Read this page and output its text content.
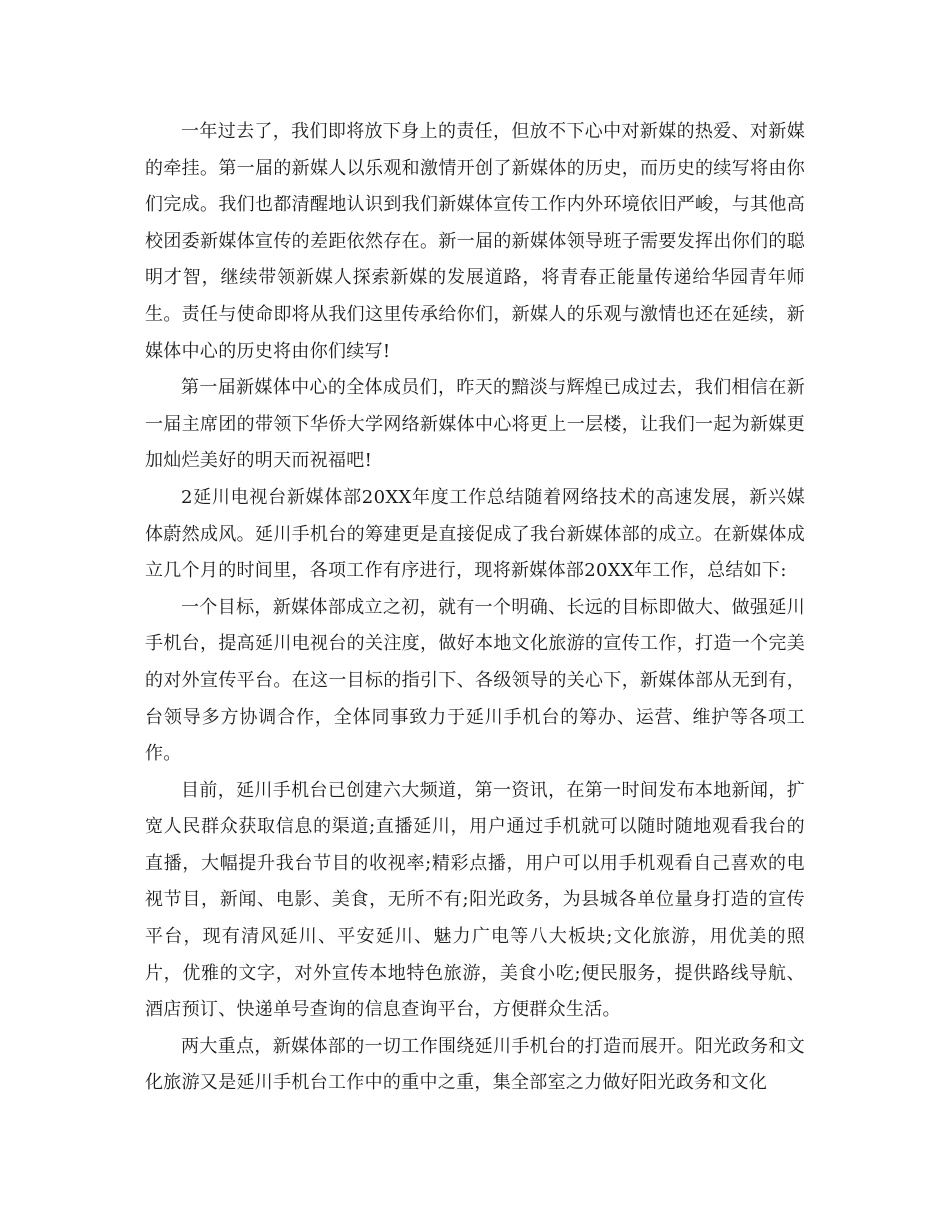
一年过去了，我们即将放下身上的责任，但放不下心中对新媒的热爱、对新媒的牵挂。第一届的新媒人以乐观和激情开创了新媒体的历史，而历史的续写将由你们完成。我们也都清醒地认识到我们新媒体宣传工作内外环境依旧严峻，与其他高校团委新媒体宣传的差距依然存在。新一届的新媒体领导班子需要发挥出你们的聪明才智，继续带领新媒人探索新媒的发展道路，将青春正能量传递给华园青年师生。责任与使命即将从我们这里传承给你们，新媒人的乐观与激情也还在延续，新媒体中心的历史将由你们续写!

第一届新媒体中心的全体成员们，昨天的黯淡与辉煌已成过去，我们相信在新一届主席团的带领下华侨大学网络新媒体中心将更上一层楼，让我们一起为新媒更加灿烂美好的明天而祝福吧!

2延川电视台新媒体部20XX年度工作总结随着网络技术的高速发展，新兴媒体蔚然成风。延川手机台的筹建更是直接促成了我台新媒体部的成立。在新媒体成立几个月的时间里，各项工作有序进行，现将新媒体部20XX年工作，总结如下:

一个目标，新媒体部成立之初，就有一个明确、长远的目标即做大、做强延川手机台，提高延川电视台的关注度，做好本地文化旅游的宣传工作，打造一个完美的对外宣传平台。在这一目标的指引下、各级领导的关心下，新媒体部从无到有，台领导多方协调合作，全体同事致力于延川手机台的筹办、运营、维护等各项工作。

目前，延川手机台已创建六大频道，第一资讯，在第一时间发布本地新闻，扩宽人民群众获取信息的渠道;直播延川，用户通过手机就可以随时随地观看我台的直播，大幅提升我台节目的收视率;精彩点播，用户可以用手机观看自己喜欢的电视节目，新闻、电影、美食，无所不有;阳光政务，为县城各单位量身打造的宣传平台，现有清风延川、平安延川、魅力广电等八大板块;文化旅游，用优美的照片，优雅的文字，对外宣传本地特色旅游，美食小吃;便民服务，提供路线导航、酒店预订、快递单号查询的信息查询平台，方便群众生活。

两大重点，新媒体部的一切工作围绕延川手机台的打造而展开。阳光政务和文化旅游又是延川手机台工作中的重中之重，集全部室之力做好阳光政务和文化
